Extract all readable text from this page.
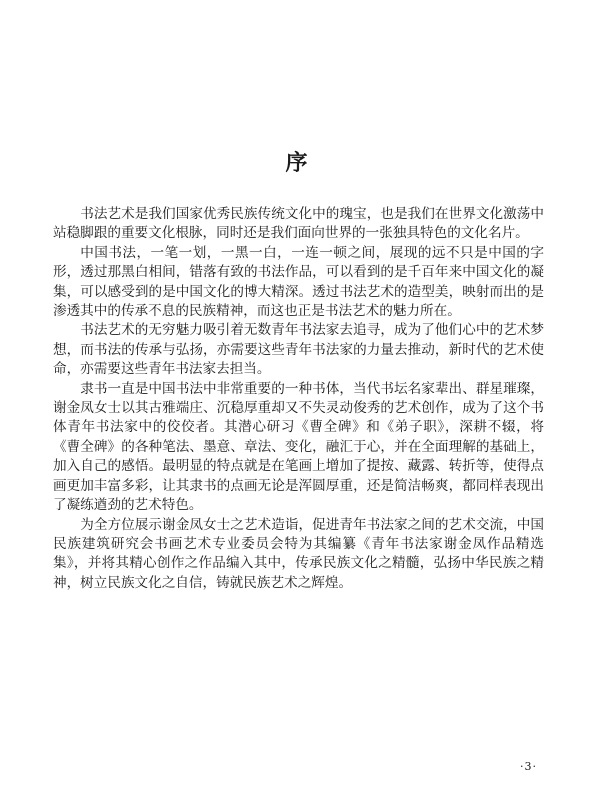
序

书法艺术是我们国家优秀民族传统文化中的瑰宝，也是我们在世界文化激荡中站稳脚跟的重要文化根脉，同时还是我们面向世界的一张独具特色的文化名片。

中国书法，一笔一划，一黑一白，一连一顿之间，展现的远不只是中国的字形，透过那黑白相间，错落有致的书法作品，可以看到的是千百年来中国文化的凝集，可以感受到的是中国文化的博大精深。透过书法艺术的造型美，映射而出的是渗透其中的传承不息的民族精神，而这也正是书法艺术的魅力所在。

书法艺术的无穷魅力吸引着无数青年书法家去追寻，成为了他们心中的艺术梦想，而书法的传承与弘扬，亦需要这些青年书法家的力量去推动，新时代的艺术使命，亦需要这些青年书法家去担当。

隶书一直是中国书法中非常重要的一种书体，当代书坛名家辈出、群星璀璨，谢金凤女士以其古雅端庄、沉稳厚重却又不失灵动俊秀的艺术创作，成为了这个书体青年书法家中的佼佼者。其潜心研习《曹全碑》和《弟子职》，深耕不辍，将《曹全碑》的各种笔法、墨意、章法、变化，融汇于心，并在全面理解的基础上，加入自己的感悟。最明显的特点就是在笔画上增加了提按、藏露、转折等，使得点画更加丰富多彩，让其隶书的点画无论是浑圆厚重，还是简洁畅爽，都同样表现出了凝练遒劲的艺术特色。

为全方位展示谢金凤女士之艺术造诣，促进青年书法家之间的艺术交流，中国民族建筑研究会书画艺术专业委员会特为其编纂《青年书法家谢金凤作品精选集》，并将其精心创作之作品编入其中，传承民族文化之精髓，弘扬中华民族之精神，树立民族文化之自信，铸就民族艺术之辉煌。

·3·
